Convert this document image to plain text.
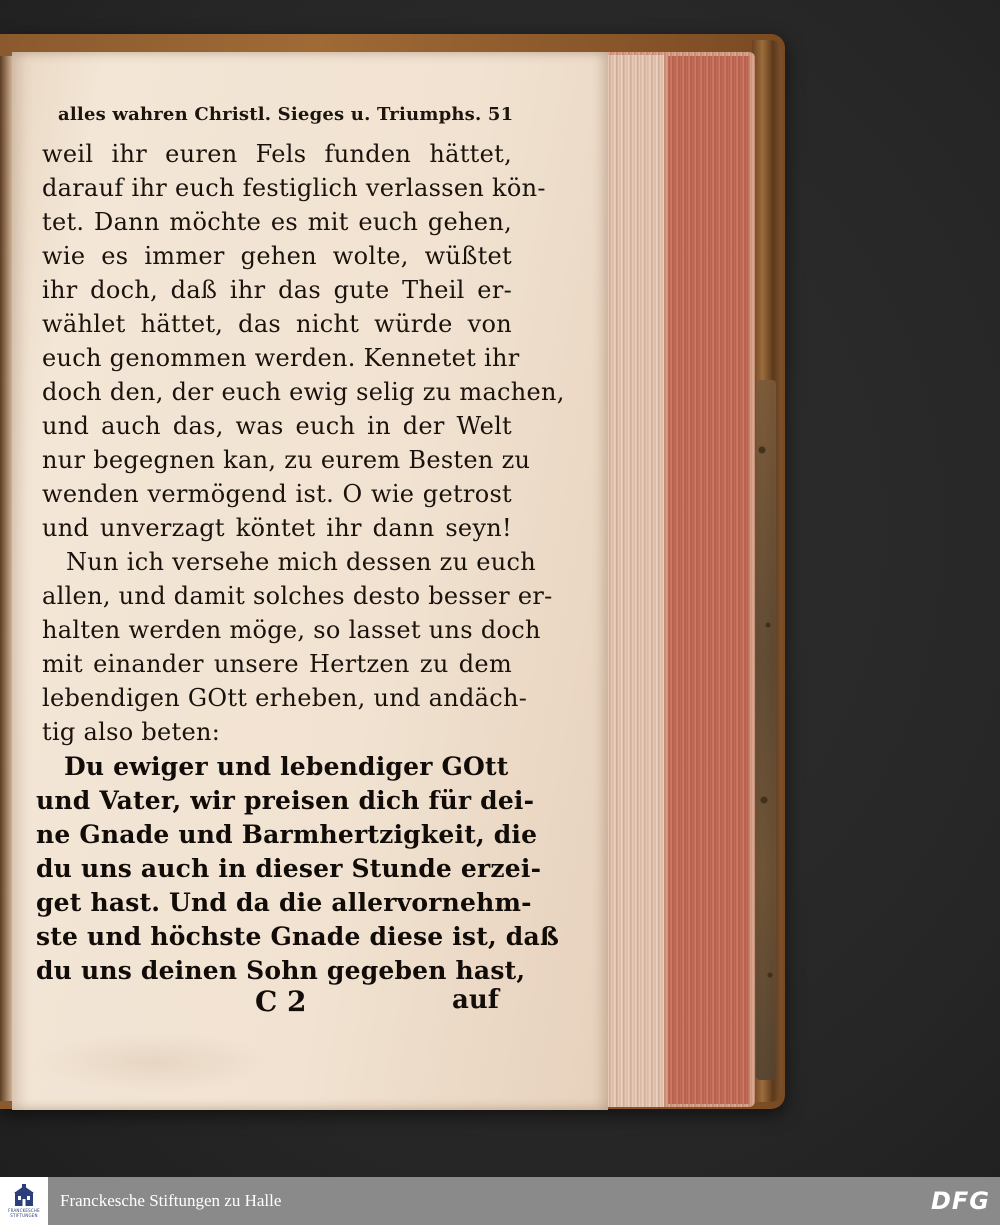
alles wahren Christl. Sieges u. Triumphs. 51
weil ihr euren Fels funden hättet,
darauf ihr euch festiglich verlassen kön-
tet. Dann möchte es mit euch gehen,
wie es immer gehen wolte, wüßtet
ihr doch, daß ihr das gute Theil er-
wählet hättet, das nicht würde von
euch genommen werden. Kennetet ihr
doch den, der euch ewig selig zu machen,
und auch das, was euch in der Welt
nur begegnen kan, zu eurem Besten zu
wenden vermögend ist. O wie getrost
und unverzagt köntet ihr dann seyn!
Nun ich versehe mich dessen zu euch
allen, und damit solches desto besser er-
halten werden möge, so lasset uns doch
mit einander unsere Hertzen zu dem
lebendigen GOtt erheben, und andäch-
tig also beten:
Du ewiger und lebendiger GOtt
und Vater, wir preisen dich für dei-
ne Gnade und Barmhertzigkeit, die
du uns auch in dieser Stunde erzei-
get hast. Und da die allervornehm-
ste und höchste Gnade diese ist, daß
du uns deinen Sohn gegeben hast,
C 2	auf
FRANCKESCHE
STIFTUNGEN
Franckesche Stiftungen zu Halle	DFG
